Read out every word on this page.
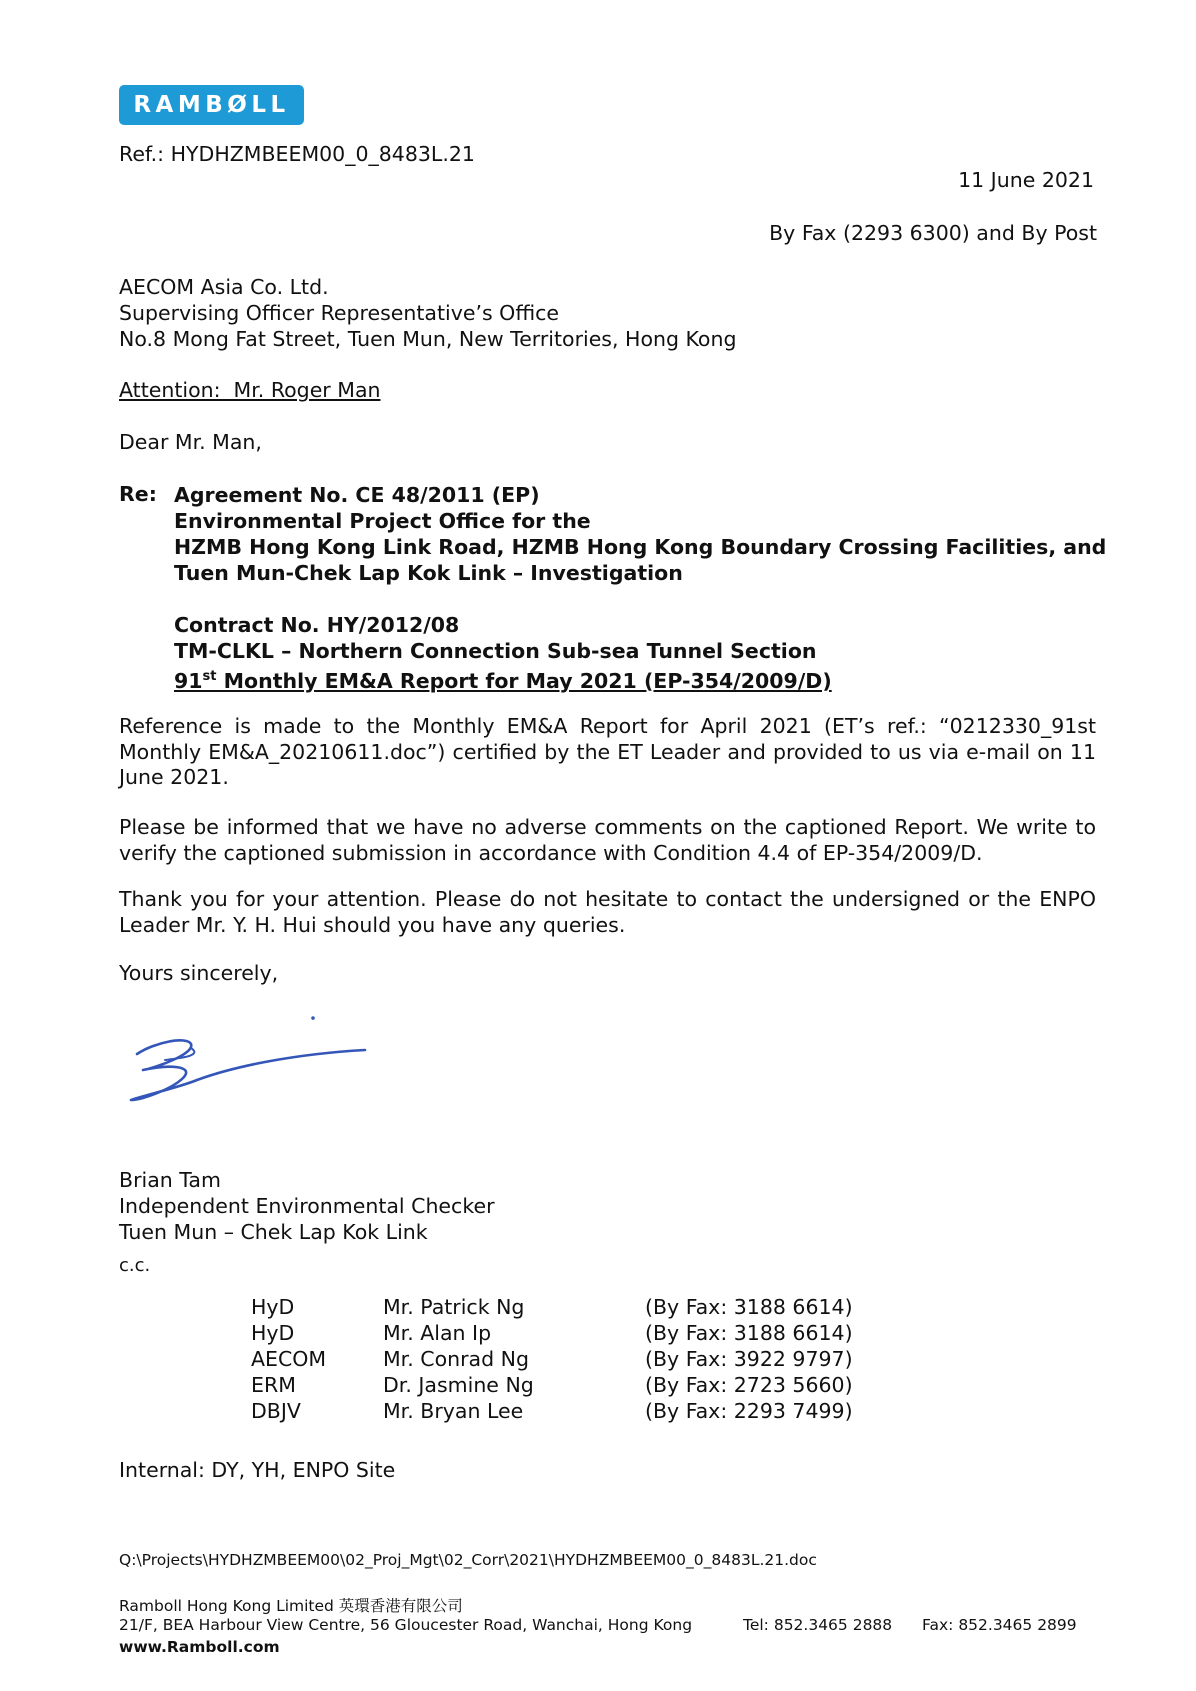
RAMBØLL
Ref.: HYDHZMBEEM00_0_8483L.21
11 June 2021
By Fax (2293 6300) and By Post
AECOM Asia Co. Ltd.
Supervising Officer Representative’s Office
No.8 Mong Fat Street, Tuen Mun, New Territories, Hong Kong
Attention:  Mr. Roger Man
Dear Mr. Man,
Re: Agreement No. CE 48/2011 (EP)
Environmental Project Office for the
HZMB Hong Kong Link Road, HZMB Hong Kong Boundary Crossing Facilities, and
Tuen Mun-Chek Lap Kok Link – Investigation
Contract No. HY/2012/08
TM-CLKL – Northern Connection Sub-sea Tunnel Section
91st Monthly EM&A Report for May 2021 (EP-354/2009/D)
Reference is made to the Monthly EM&A Report for April 2021 (ET’s ref.: “0212330_91st Monthly EM&A_20210611.doc”) certified by the ET Leader and provided to us via e-mail on 11 June 2021.
Please be informed that we have no adverse comments on the captioned Report. We write to verify the captioned submission in accordance with Condition 4.4 of EP-354/2009/D.
Thank you for your attention. Please do not hesitate to contact the undersigned or the ENPO Leader Mr. Y. H. Hui should you have any queries.
Yours sincerely,
Brian Tam
Independent Environmental Checker
Tuen Mun – Chek Lap Kok Link
c.c.
HyD	Mr. Patrick Ng	(By Fax: 3188 6614)
HyD	Mr. Alan Ip	(By Fax: 3188 6614)
AECOM	Mr. Conrad Ng	(By Fax: 3922 9797)
ERM	Dr. Jasmine Ng	(By Fax: 2723 5660)
DBJV	Mr. Bryan Lee	(By Fax: 2293 7499)
Internal: DY, YH, ENPO Site
Q:\Projects\HYDHZMBEEM00\02_Proj_Mgt\02_Corr\2021\HYDHZMBEEM00_0_8483L.21.doc
Ramboll Hong Kong Limited 英環香港有限公司
21/F, BEA Harbour View Centre, 56 Gloucester Road, Wanchai, Hong Kong	Tel: 852.3465 2888 Fax: 852.3465 2899
www.Ramboll.com
